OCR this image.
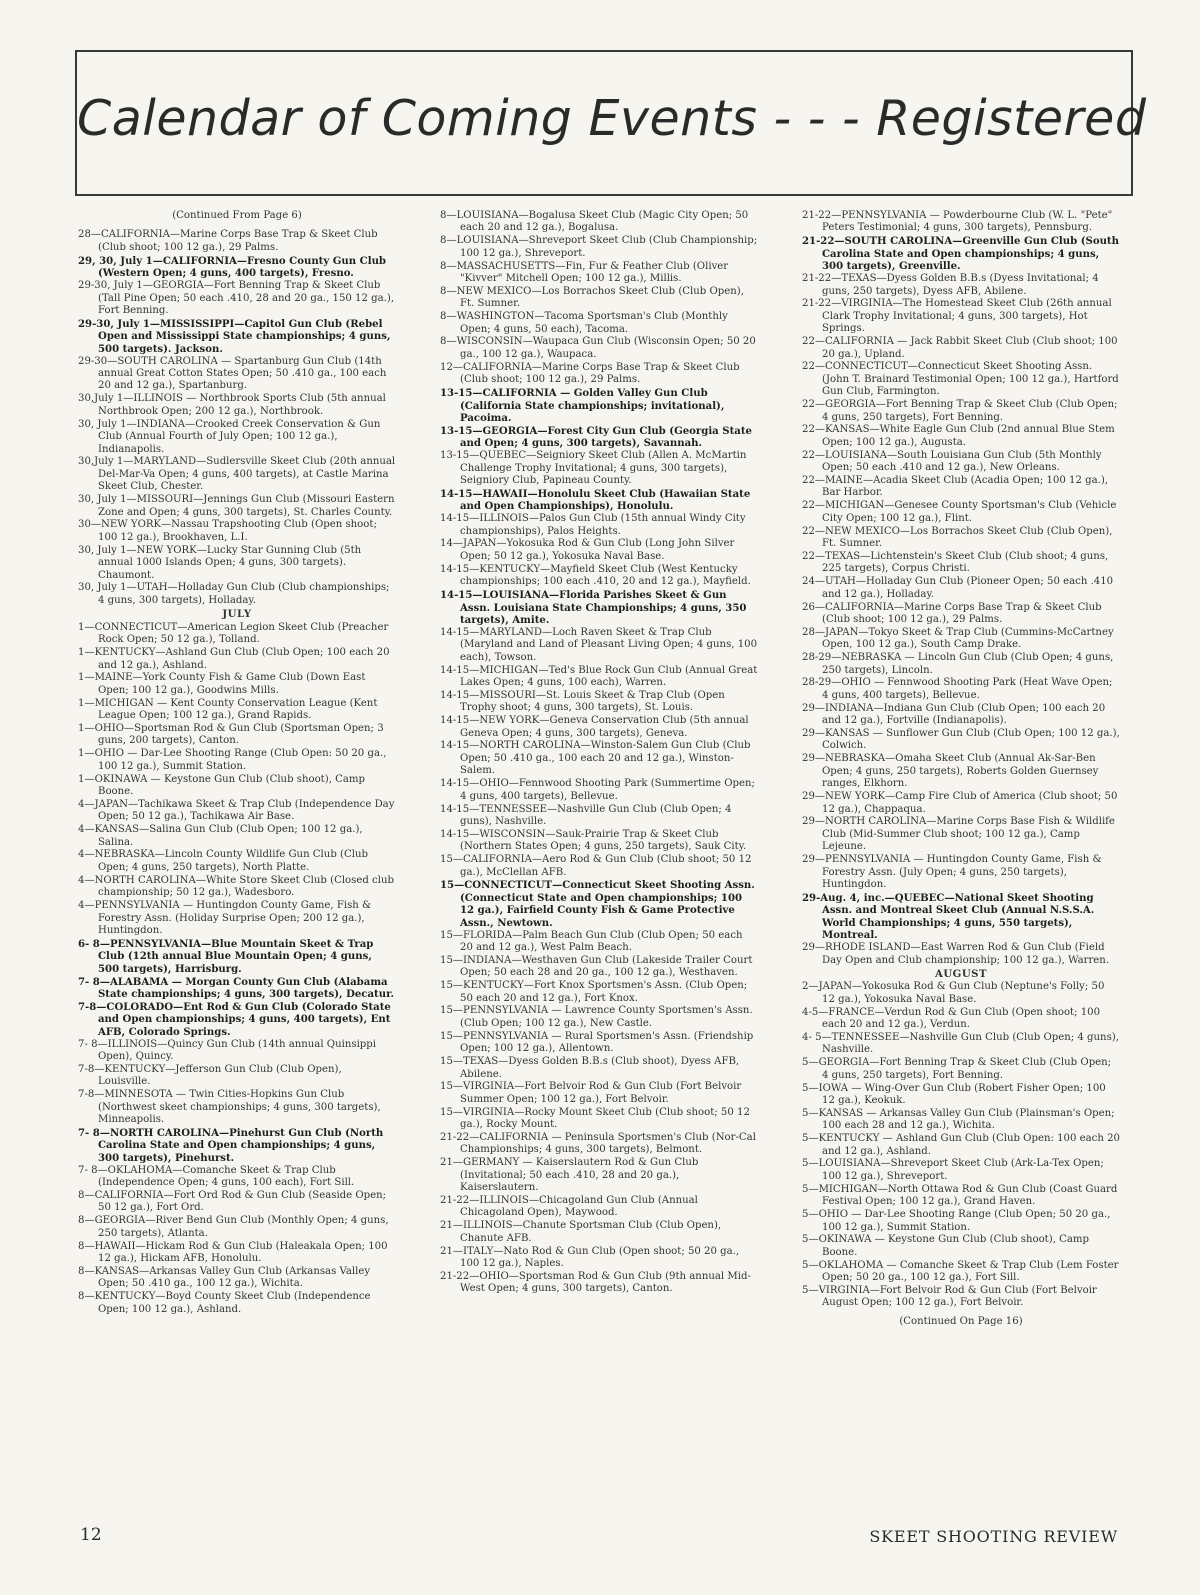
Calendar of Coming Events - - - Registered

(Continued From Page 6)

28—CALIFORNIA—Marine Corps Base Trap & Skeet Club (Club shoot; 100 12 ga.), 29 Palms.

29, 30, July 1—CALIFORNIA—Fresno County Gun Club (Western Open; 4 guns, 400 targets), Fresno.

29-30, July 1—GEORGIA—Fort Benning Trap & Skeet Club (Tall Pine Open; 50 each .410, 28 and 20 ga., 150 12 ga.), Fort Benning.

29-30, July 1—MISSISSIPPI—Capitol Gun Club (Rebel Open and Mississippi State championships; 4 guns, 500 targets). Jackson.

29-30—SOUTH CAROLINA — Spartanburg Gun Club (14th annual Great Cotton States Open; 50 .410 ga., 100 each 20 and 12 ga.), Spartanburg.

30,July 1—ILLINOIS — Northbrook Sports Club (5th annual Northbrook Open; 200 12 ga.), Northbrook.

30, July 1—INDIANA—Crooked Creek Conservation & Gun Club (Annual Fourth of July Open; 100 12 ga.), Indianapolis.

30,July 1—MARYLAND—Sudlersville Skeet Club (20th annual Del-Mar-Va Open; 4 guns, 400 targets), at Castle Marina Skeet Club, Chester.

30, July 1—MISSOURI—Jennings Gun Club (Missouri Eastern Zone and Open; 4 guns, 300 targets), St. Charles County.

30—NEW YORK—Nassau Trapshooting Club (Open shoot; 100 12 ga.), Brookhaven, L.I.

30, July 1—NEW YORK—Lucky Star Gunning Club (5th annual 1000 Islands Open; 4 guns, 300 targets). Chaumont.

30, July 1—UTAH—Holladay Gun Club (Club championships; 4 guns, 300 targets), Holladay.

JULY

1—CONNECTICUT—American Legion Skeet Club (Preacher Rock Open; 50 12 ga.), Tolland.

1—KENTUCKY—Ashland Gun Club (Club Open; 100 each 20 and 12 ga.), Ashland.

1—MAINE—York County Fish & Game Club (Down East Open; 100 12 ga.), Goodwins Mills.

1—MICHIGAN — Kent County Conservation League (Kent League Open; 100 12 ga.), Grand Rapids.

1—OHIO—Sportsman Rod & Gun Club (Sportsman Open; 3 guns, 200 targets), Canton.

1—OHIO — Dar-Lee Shooting Range (Club Open: 50 20 ga., 100 12 ga.), Summit Station.

1—OKINAWA — Keystone Gun Club (Club shoot), Camp Boone.

4—JAPAN—Tachikawa Skeet & Trap Club (Independence Day Open; 50 12 ga.), Tachikawa Air Base.

4—KANSAS—Salina Gun Club (Club Open; 100 12 ga.), Salina.

4—NEBRASKA—Lincoln County Wildlife Gun Club (Club Open; 4 guns, 250 targets), North Platte.

4—NORTH CAROLINA—White Store Skeet Club (Closed club championship; 50 12 ga.), Wadesboro.

4—PENNSYLVANIA — Huntingdon County Game, Fish & Forestry Assn. (Holiday Surprise Open; 200 12 ga.), Huntingdon.

6- 8—PENNSYLVANIA—Blue Mountain Skeet & Trap Club (12th annual Blue Mountain Open; 4 guns, 500 targets), Harrisburg.

7- 8—ALABAMA — Morgan County Gun Club (Alabama State championships; 4 guns, 300 targets), Decatur.

7-8—COLORADO—Ent Rod & Gun Club (Colorado State and Open championships; 4 guns, 400 targets), Ent AFB, Colorado Springs.

7- 8—ILLINOIS—Quincy Gun Club (14th annual Quinsippi Open), Quincy.

7-8—KENTUCKY—Jefferson Gun Club (Club Open), Louisville.

7-8—MINNESOTA — Twin Cities-Hopkins Gun Club (Northwest skeet championships; 4 guns, 300 targets), Minneapolis.

7- 8—NORTH CAROLINA—Pinehurst Gun Club (North Carolina State and Open championships; 4 guns, 300 targets), Pinehurst.

7- 8—OKLAHOMA—Comanche Skeet & Trap Club (Independence Open; 4 guns, 100 each), Fort Sill.

8—CALIFORNIA—Fort Ord Rod & Gun Club (Seaside Open; 50 12 ga.), Fort Ord.

8—GEORGIA—River Bend Gun Club (Monthly Open; 4 guns, 250 targets), Atlanta.

8—HAWAII—Hickam Rod & Gun Club (Haleakala Open; 100 12 ga.), Hickam AFB, Honolulu.

8—KANSAS—Arkansas Valley Gun Club (Arkansas Valley Open; 50 .410 ga., 100 12 ga.), Wichita.

8—KENTUCKY—Boyd County Skeet Club (Independence Open; 100 12 ga.), Ashland.

8—LOUISIANA—Bogalusa Skeet Club (Magic City Open; 50 each 20 and 12 ga.), Bogalusa.

8—LOUISIANA—Shreveport Skeet Club (Club Championship; 100 12 ga.), Shreveport.

8—MASSACHUSETTS—Fin, Fur & Feather Club (Oliver "Kivver" Mitchell Open; 100 12 ga.), Millis.

8—NEW MEXICO—Los Borrachos Skeet Club (Club Open), Ft. Sumner.

8—WASHINGTON—Tacoma Sportsman's Club (Monthly Open; 4 guns, 50 each), Tacoma.

8—WISCONSIN—Waupaca Gun Club (Wisconsin Open; 50 20 ga., 100 12 ga.), Waupaca.

12—CALIFORNIA—Marine Corps Base Trap & Skeet Club (Club shoot; 100 12 ga.), 29 Palms.

13-15—CALIFORNIA — Golden Valley Gun Club (California State championships; invitational), Pacoima.

13-15—GEORGIA—Forest City Gun Club (Georgia State and Open; 4 guns, 300 targets), Savannah.

13-15—QUEBEC—Seigniory Skeet Club (Allen A. McMartin Challenge Trophy Invitational; 4 guns, 300 targets), Seigniory Club, Papineau County.

14-15—HAWAII—Honolulu Skeet Club (Hawaiian State and Open Championships), Honolulu.

14-15—ILLINOIS—Palos Gun Club (15th annual Windy City championships), Palos Heights.

14—JAPAN—Yokosuka Rod & Gun Club (Long John Silver Open; 50 12 ga.), Yokosuka Naval Base.

14-15—KENTUCKY—Mayfield Skeet Club (West Kentucky championships; 100 each .410, 20 and 12 ga.), Mayfield.

14-15—LOUISIANA—Florida Parishes Skeet & Gun Assn. Louisiana State Championships; 4 guns, 350 targets), Amite.

14-15—MARYLAND—Loch Raven Skeet & Trap Club (Maryland and Land of Pleasant Living Open; 4 guns, 100 each), Towson.

14-15—MICHIGAN—Ted's Blue Rock Gun Club (Annual Great Lakes Open; 4 guns, 100 each), Warren.

14-15—MISSOURI—St. Louis Skeet & Trap Club (Open Trophy shoot; 4 guns, 300 targets), St. Louis.

14-15—NEW YORK—Geneva Conservation Club (5th annual Geneva Open; 4 guns, 300 targets), Geneva.

14-15—NORTH CAROLINA—Winston-Salem Gun Club (Club Open; 50 .410 ga., 100 each 20 and 12 ga.), Winston-Salem.

14-15—OHIO—Fennwood Shooting Park (Summertime Open; 4 guns, 400 targets), Bellevue.

14-15—TENNESSEE—Nashville Gun Club (Club Open; 4 guns), Nashville.

14-15—WISCONSIN—Sauk-Prairie Trap & Skeet Club (Northern States Open; 4 guns, 250 targets), Sauk City.

15—CALIFORNIA—Aero Rod & Gun Club (Club shoot; 50 12 ga.), McClellan AFB.

15—CONNECTICUT—Connecticut Skeet Shooting Assn. (Connecticut State and Open championships; 100 12 ga.), Fairfield County Fish & Game Protective Assn., Newtown.

15—FLORIDA—Palm Beach Gun Club (Club Open; 50 each 20 and 12 ga.), West Palm Beach.

15—INDIANA—Westhaven Gun Club (Lakeside Trailer Court Open; 50 each 28 and 20 ga., 100 12 ga.), Westhaven.

15—KENTUCKY—Fort Knox Sportsmen's Assn. (Club Open; 50 each 20 and 12 ga.), Fort Knox.

15—PENNSYLVANIA — Lawrence County Sportsmen's Assn. (Club Open; 100 12 ga.), New Castle.

15—PENNSYLVANIA — Rural Sportsmen's Assn. (Friendship Open; 100 12 ga.), Allentown.

15—TEXAS—Dyess Golden B.B.s (Club shoot), Dyess AFB, Abilene.

15—VIRGINIA—Fort Belvoir Rod & Gun Club (Fort Belvoir Summer Open; 100 12 ga.), Fort Belvoir.

15—VIRGINIA—Rocky Mount Skeet Club (Club shoot; 50 12 ga.), Rocky Mount.

21-22—CALIFORNIA — Peninsula Sportsmen's Club (Nor-Cal Championships; 4 guns, 300 targets), Belmont.

21—GERMANY — Kaiserslautern Rod & Gun Club (Invitational; 50 each .410, 28 and 20 ga.), Kaiserslautern.

21-22—ILLINOIS—Chicagoland Gun Club (Annual Chicagoland Open), Maywood.

21—ILLINOIS—Chanute Sportsman Club (Club Open), Chanute AFB.

21—ITALY—Nato Rod & Gun Club (Open shoot; 50 20 ga., 100 12 ga.), Naples.

21-22—OHIO—Sportsman Rod & Gun Club (9th annual Mid-West Open; 4 guns, 300 targets), Canton.

21-22—PENNSYLVANIA — Powderbourne Club (W. L. "Pete" Peters Testimonial; 4 guns, 300 targets), Pennsburg.

21-22—SOUTH CAROLINA—Greenville Gun Club (South Carolina State and Open championships; 4 guns, 300 targets), Greenville.

21-22—TEXAS—Dyess Golden B.B.s (Dyess Invitational; 4 guns, 250 targets), Dyess AFB, Abilene.

21-22—VIRGINIA—The Homestead Skeet Club (26th annual Clark Trophy Invitational; 4 guns, 300 targets), Hot Springs.

22—CALIFORNIA — Jack Rabbit Skeet Club (Club shoot; 100 20 ga.), Upland.

22—CONNECTICUT—Connecticut Skeet Shooting Assn. (John T. Brainard Testimonial Open; 100 12 ga.), Hartford Gun Club, Farmington.

22—GEORGIA—Fort Benning Trap & Skeet Club (Club Open; 4 guns, 250 targets), Fort Benning.

22—KANSAS—White Eagle Gun Club (2nd annual Blue Stem Open; 100 12 ga.), Augusta.

22—LOUISIANA—South Louisiana Gun Club (5th Monthly Open; 50 each .410 and 12 ga.), New Orleans.

22—MAINE—Acadia Skeet Club (Acadia Open; 100 12 ga.), Bar Harbor.

22—MICHIGAN—Genesee County Sportsman's Club (Vehicle City Open; 100 12 ga.), Flint.

22—NEW MEXICO—Los Borrachos Skeet Club (Club Open), Ft. Sumner.

22—TEXAS—Lichtenstein's Skeet Club (Club shoot; 4 guns, 225 targets), Corpus Christi.

24—UTAH—Holladay Gun Club (Pioneer Open; 50 each .410 and 12 ga.), Holladay.

26—CALIFORNIA—Marine Corps Base Trap & Skeet Club (Club shoot; 100 12 ga.), 29 Palms.

28—JAPAN—Tokyo Skeet & Trap Club (Cummins-McCartney Open, 100 12 ga.), South Camp Drake.

28-29—NEBRASKA — Lincoln Gun Club (Club Open; 4 guns, 250 targets), Lincoln.

28-29—OHIO — Fennwood Shooting Park (Heat Wave Open; 4 guns, 400 targets), Bellevue.

29—INDIANA—Indiana Gun Club (Club Open; 100 each 20 and 12 ga.), Fortville (Indianapolis).

29—KANSAS — Sunflower Gun Club (Club Open; 100 12 ga.), Colwich.

29—NEBRASKA—Omaha Skeet Club (Annual Ak-Sar-Ben Open; 4 guns, 250 targets), Roberts Golden Guernsey ranges, Elkhorn.

29—NEW YORK—Camp Fire Club of America (Club shoot; 50 12 ga.), Chappaqua.

29—NORTH CAROLINA—Marine Corps Base Fish & Wildlife Club (Mid-Summer Club shoot; 100 12 ga.), Camp Lejeune.

29—PENNSYLVANIA — Huntingdon County Game, Fish & Forestry Assn. (July Open; 4 guns, 250 targets), Huntingdon.

29-Aug. 4, inc.—QUEBEC—National Skeet Shooting Assn. and Montreal Skeet Club (Annual N.S.S.A. World Championships; 4 guns, 550 targets), Montreal.

29—RHODE ISLAND—East Warren Rod & Gun Club (Field Day Open and Club championship; 100 12 ga.), Warren.

AUGUST

2—JAPAN—Yokosuka Rod & Gun Club (Neptune's Folly; 50 12 ga.), Yokosuka Naval Base.

4-5—FRANCE—Verdun Rod & Gun Club (Open shoot; 100 each 20 and 12 ga.), Verdun.

4- 5—TENNESSEE—Nashville Gun Club (Club Open; 4 guns), Nashville.

5—GEORGIA—Fort Benning Trap & Skeet Club (Club Open; 4 guns, 250 targets), Fort Benning.

5—IOWA — Wing-Over Gun Club (Robert Fisher Open; 100 12 ga.), Keokuk.

5—KANSAS — Arkansas Valley Gun Club (Plainsman's Open; 100 each 28 and 12 ga.), Wichita.

5—KENTUCKY — Ashland Gun Club (Club Open: 100 each 20 and 12 ga.), Ashland.

5—LOUISIANA—Shreveport Skeet Club (Ark-La-Tex Open; 100 12 ga.), Shreveport.

5—MICHIGAN—North Ottawa Rod & Gun Club (Coast Guard Festival Open; 100 12 ga.), Grand Haven.

5—OHIO — Dar-Lee Shooting Range (Club Open; 50 20 ga., 100 12 ga.), Summit Station.

5—OKINAWA — Keystone Gun Club (Club shoot), Camp Boone.

5—OKLAHOMA — Comanche Skeet & Trap Club (Lem Foster Open; 50 20 ga., 100 12 ga.), Fort Sill.

5—VIRGINIA—Fort Belvoir Rod & Gun Club (Fort Belvoir August Open; 100 12 ga.), Fort Belvoir.

(Continued On Page 16)

12	SKEET SHOOTING REVIEW
